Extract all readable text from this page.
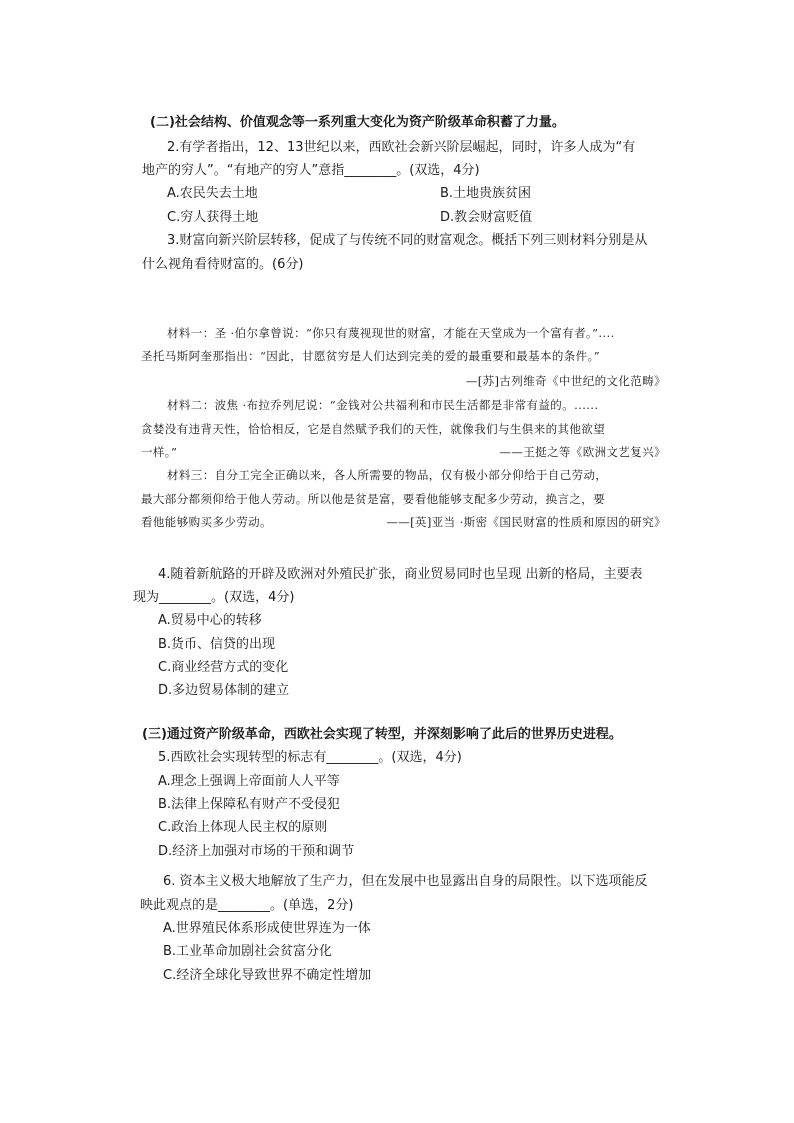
(二)社会结构、价值观念等一系列重大变化为资产阶级革命积蓄了力量。
2.有学者指出，12、13世纪以来，西欧社会新兴阶层崛起，同时，许多人成为“有
地产的穷人”。“有地产的穷人”意指________。(双选，4分)
A.农民失去土地	B.土地贵族贫困
C.穷人获得土地	D.教会财富贬值
3.财富向新兴阶层转移，促成了与传统不同的财富观念。概括下列三则材料分别是从
什么视角看待财富的。(6分)
材料一：圣 ·伯尔拿曾说：“你只有蔑视现世的财富，才能在天堂成为一个富有者。”....
圣托马斯阿奎那指出：“因此，甘愿贫穷是人们达到完美的爱的最重要和最基本的条件。”
—[苏]古列维奇《中世纪的文化范畴》
材料二：波焦 ·布拉乔列尼说：“金钱对公共福利和市民生活都是非常有益的。......
贪婪没有违背天性，恰恰相反，它是自然赋予我们的天性，就像我们与生俱来的其他欲望
一样。”	——王挺之等《欧洲文艺复兴》
材料三：自分工完全正确以来，各人所需要的物品，仅有极小部分仰给于自己劳动，
最大部分都须仰给于他人劳动。所以他是贫是富，要看他能够支配多少劳动，换言之，要
看他能够购买多少劳动。	——[英]亚当 ·斯密《国民财富的性质和原因的研究》
4.随着新航路的开辟及欧洲对外殖民扩张，商业贸易同时也呈现 出新的格局，主要表
现为________。(双选，4分)
A.贸易中心的转移
B.货币、信贷的出现
C.商业经营方式的变化
D.多边贸易体制的建立
(三)通过资产阶级革命，西欧社会实现了转型，并深刻影响了此后的世界历史进程。
5.西欧社会实现转型的标志有________。(双选，4分)
A.理念上强调上帝面前人人平等
B.法律上保障私有财产不受侵犯
C.政治上体现人民主权的原则
D.经济上加强对市场的干预和调节
6. 资本主义极大地解放了生产力，但在发展中也显露出自身的局限性。以下选项能反
映此观点的是________。(单选，2分)
A.世界殖民体系形成使世界连为一体
B.工业革命加剧社会贫富分化
C.经济全球化导致世界不确定性增加
